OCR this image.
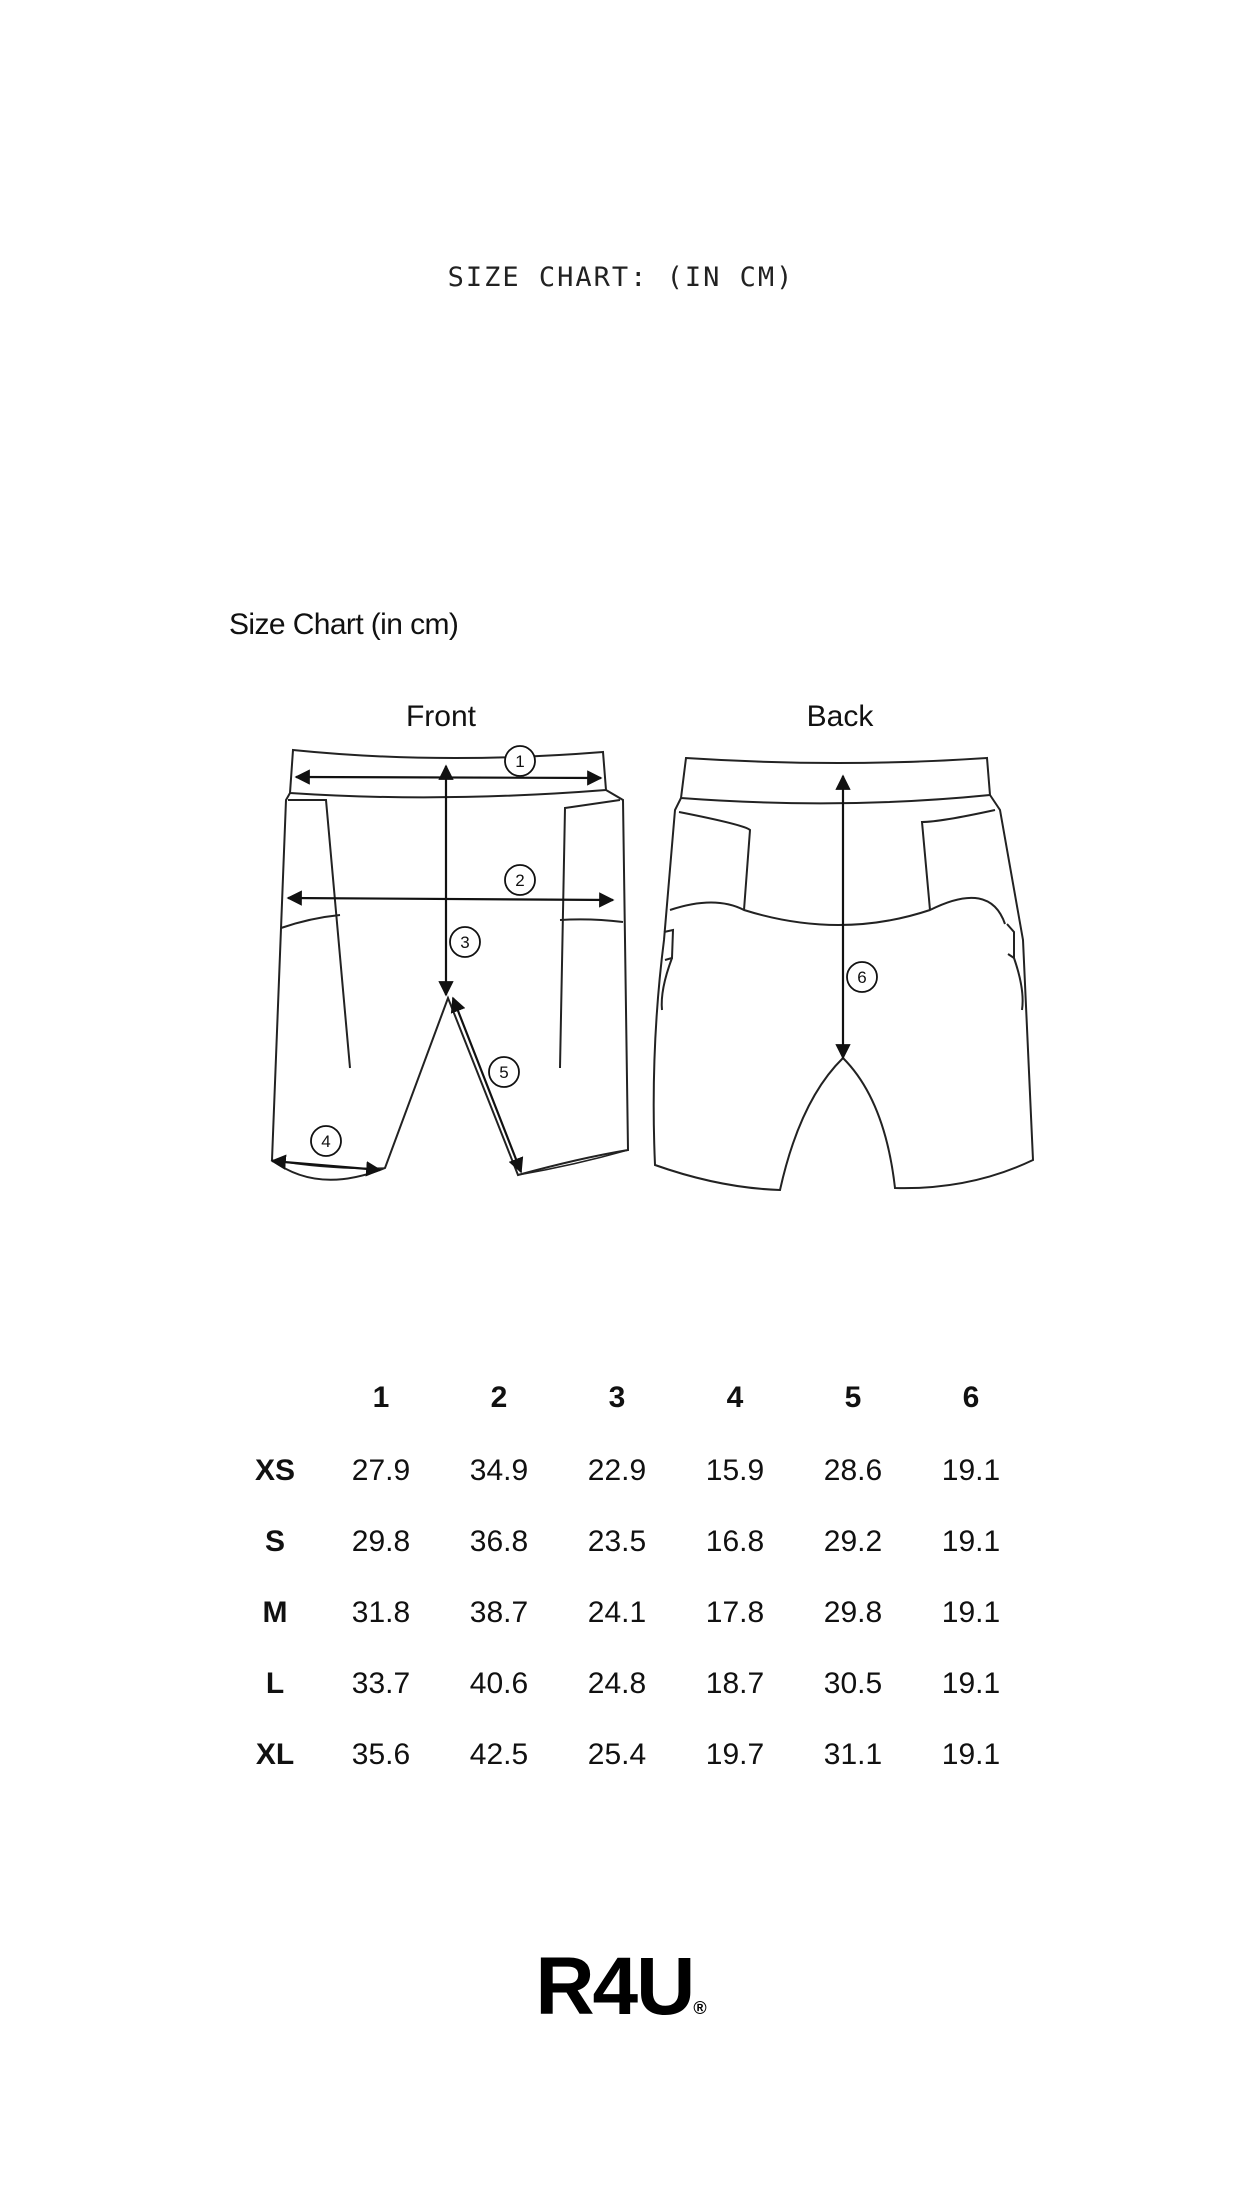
SIZE CHART: (IN CM)
Size Chart (in cm)
Front	Back
1
2
3
4
5
6
	1	2	3	4	5	6
XS	27.9	34.9	22.9	15.9	28.6	19.1
S	29.8	36.8	23.5	16.8	29.2	19.1
M	31.8	38.7	24.1	17.8	29.8	19.1
L	33.7	40.6	24.8	18.7	30.5	19.1
XL	35.6	42.5	25.4	19.7	31.1	19.1
R4U®
